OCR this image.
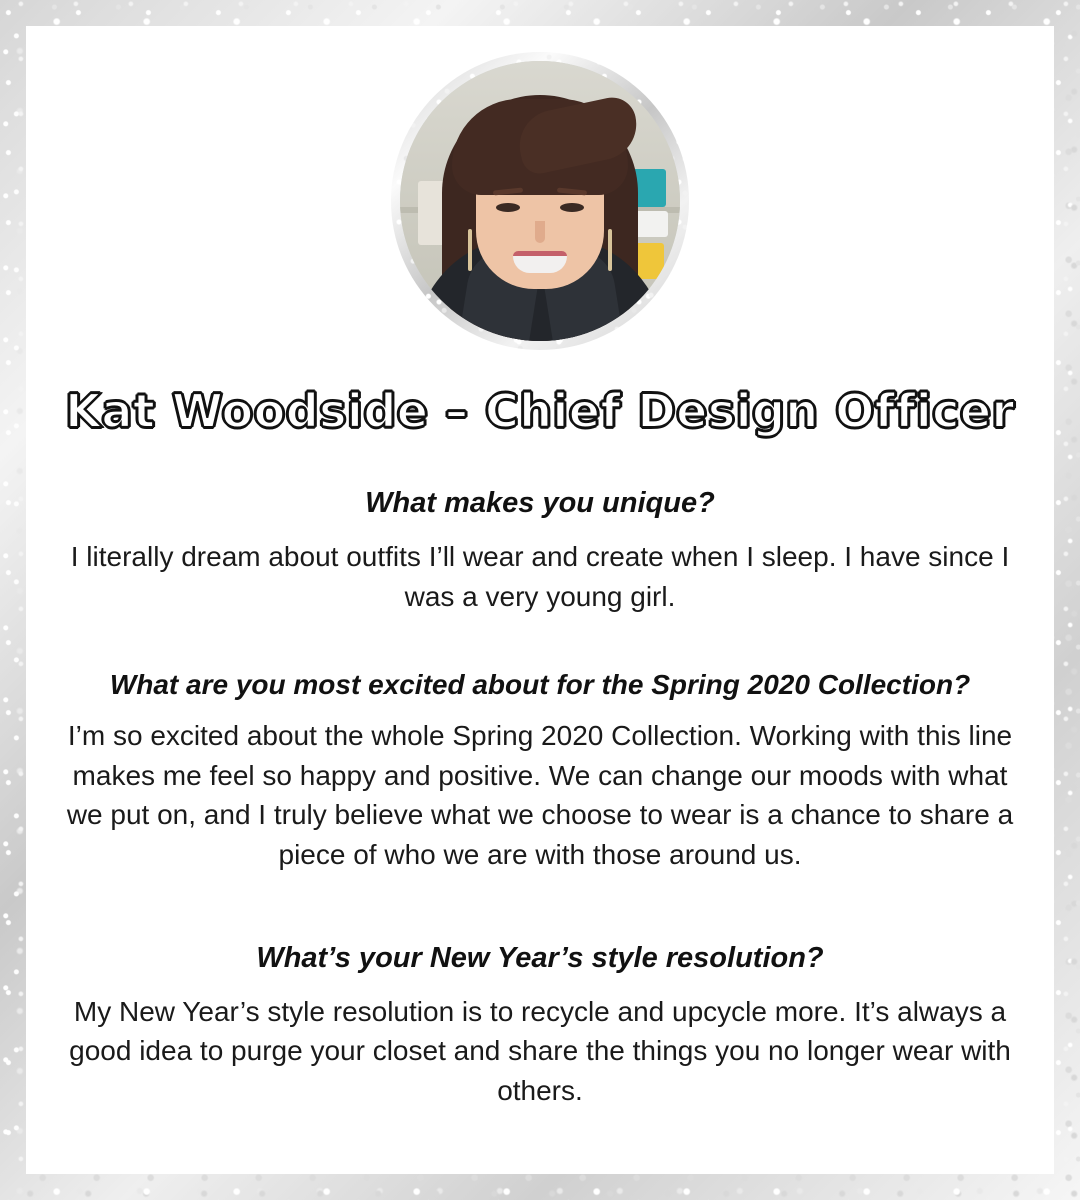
Kat Woodside – Chief Design Officer
What makes you unique?
I literally dream about outfits I’ll wear and create when I sleep. I have since I was a very young girl.
What are you most excited about for the Spring 2020 Collection?
I’m so excited about the whole Spring 2020 Collection. Working with this line makes me feel so happy and positive. We can change our moods with what we put on, and I truly believe what we choose to wear is a chance to share a piece of who we are with those around us.
What’s your New Year’s style resolution?
My New Year’s style resolution is to recycle and upcycle more. It’s always a good idea to purge your closet and share the things you no longer wear with others.
